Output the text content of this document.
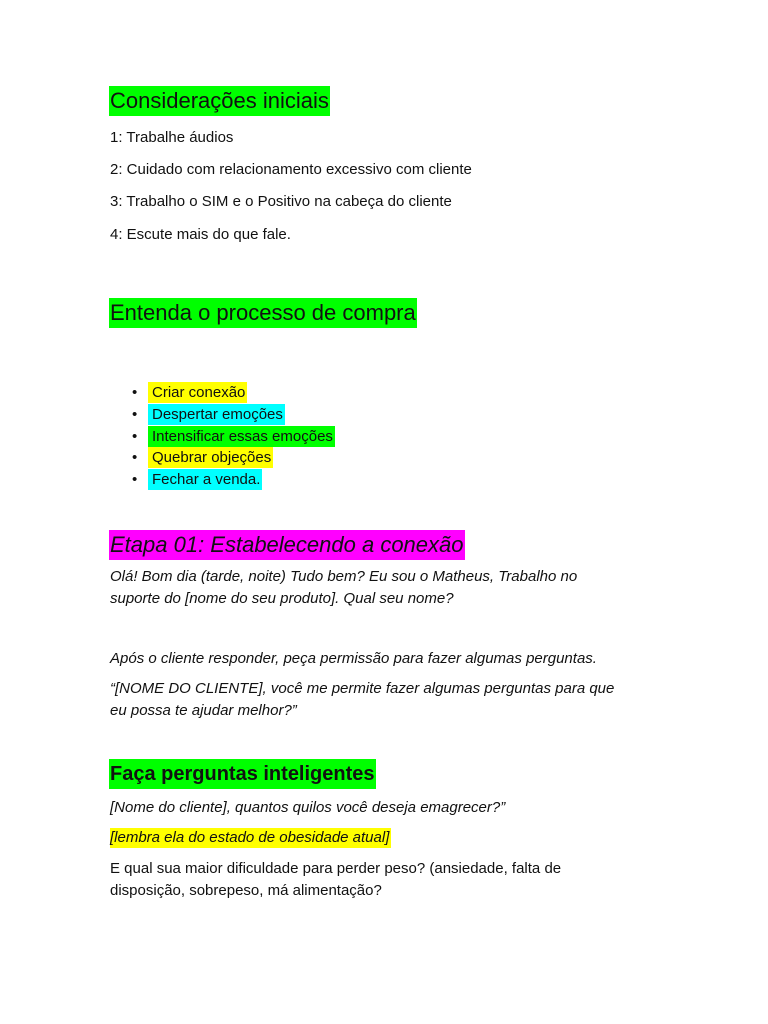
Considerações iniciais
1: Trabalhe áudios
2: Cuidado com relacionamento excessivo com cliente
3: Trabalho o SIM e o Positivo na cabeça do cliente
4: Escute mais do que fale.
Entenda o processo de compra
• Criar conexão
• Despertar emoções
• Intensificar essas emoções
• Quebrar objeções
• Fechar a venda.
Etapa 01: Estabelecendo a conexão
Olá! Bom dia (tarde, noite) Tudo bem? Eu sou o Matheus, Trabalho no
suporte do [nome do seu produto]. Qual seu nome?
Após o cliente responder, peça permissão para fazer algumas perguntas.
“[NOME DO CLIENTE], você me permite fazer algumas perguntas para que
eu possa te ajudar melhor?”
Faça perguntas inteligentes
[Nome do cliente], quantos quilos você deseja emagrecer?”
[lembra ela do estado de obesidade atual]
E qual sua maior dificuldade para perder peso? (ansiedade, falta de
disposição, sobrepeso, má alimentação?
